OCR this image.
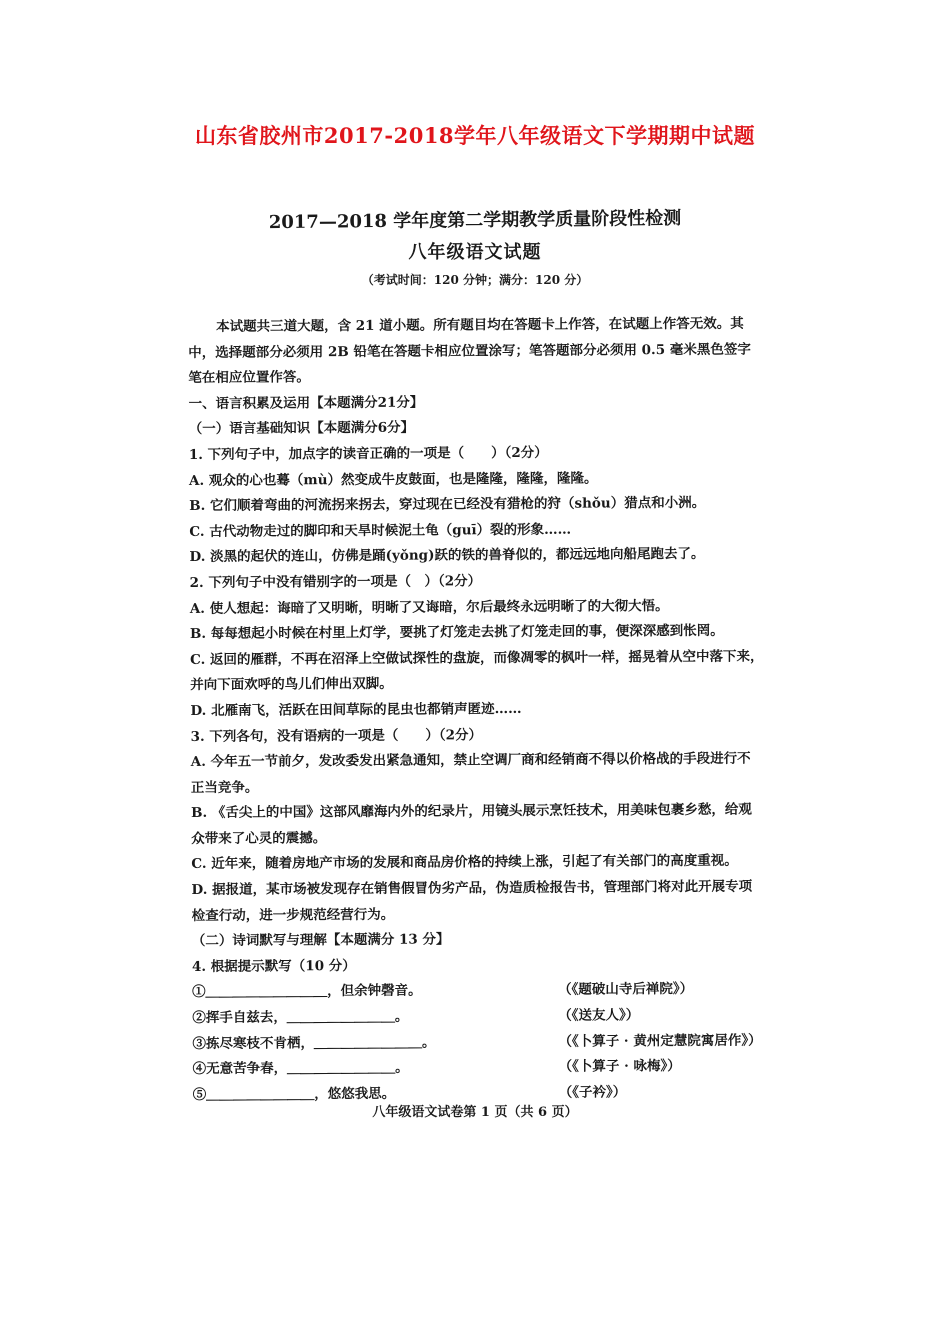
山东省胶州市2017-2018学年八年级语文下学期期中试题
2017—2018 学年度第二学期教学质量阶段性检测
八年级语文试题
（考试时间：120 分钟；满分：120 分）
本试题共三道大题，含 21 道小题。所有题目均在答题卡上作答，在试题上作答无效。其
中，选择题部分必须用 2B 铅笔在答题卡相应位置涂写；笔答题部分必须用 0.5 毫米黑色签字
笔在相应位置作答。
一、语言积累及运用【本题满分21分】
（一）语言基础知识【本题满分6分】
1. 下列句子中，加点字的读音正确的一项是（　　）（2分）
A. 观众的心也蓦（mù）然变成牛皮鼓面，也是隆隆，隆隆，隆隆。
B. 它们顺着弯曲的河流拐来拐去，穿过现在已经没有猎枪的狩（shǒu）猎点和小洲。
C. 古代动物走过的脚印和天旱时候泥土龟（guī）裂的形象……
D. 淡黑的起伏的连山，仿佛是踊(yǒng)跃的铁的兽脊似的，都远远地向船尾跑去了。
2. 下列句子中没有错别字的一项是（　）（2分）
A. 使人想起：诲暗了又明晰，明晰了又诲暗，尔后最终永远明晰了的大彻大悟。
B. 每每想起小时候在村里上灯学，要挑了灯笼走去挑了灯笼走回的事，便深深感到怅罔。
C. 返回的雁群，不再在沼泽上空做试探性的盘旋，而像凋零的枫叶一样，摇晃着从空中落下来，
并向下面欢呼的鸟儿们伸出双脚。
D. 北雁南飞，活跃在田间草际的昆虫也都销声匿迹……
3. 下列各句，没有语病的一项是（　　）（2分）
A. 今年五一节前夕，发改委发出紧急通知，禁止空调厂商和经销商不得以价格战的手段进行不
正当竞争。
B. 《舌尖上的中国》这部风靡海内外的纪录片，用镜头展示烹饪技术，用美味包裹乡愁，给观
众带来了心灵的震撼。
C. 近年来，随着房地产市场的发展和商品房价格的持续上涨，引起了有关部门的高度重视。
D. 据报道，某市场被发现存在销售假冒伪劣产品，伪造质检报告书，管理部门将对此开展专项
检查行动，进一步规范经营行为。
（二）诗词默写与理解【本题满分 13 分】
4. 根据提示默写（10 分）
①＿＿＿＿＿＿＿＿＿，但余钟磬音。	（《题破山寺后禅院》）
②挥手自兹去，＿＿＿＿＿＿＿＿。	（《送友人》）
③拣尽寒枝不肯栖，＿＿＿＿＿＿＿＿。	（《卜算子 · 黄州定慧院寓居作》）
④无意苦争春，＿＿＿＿＿＿＿＿。	（《卜算子 · 咏梅》）
⑤＿＿＿＿＿＿＿＿，悠悠我思。	（《子衿》）
八年级语文试卷第 1 页（共 6 页）
